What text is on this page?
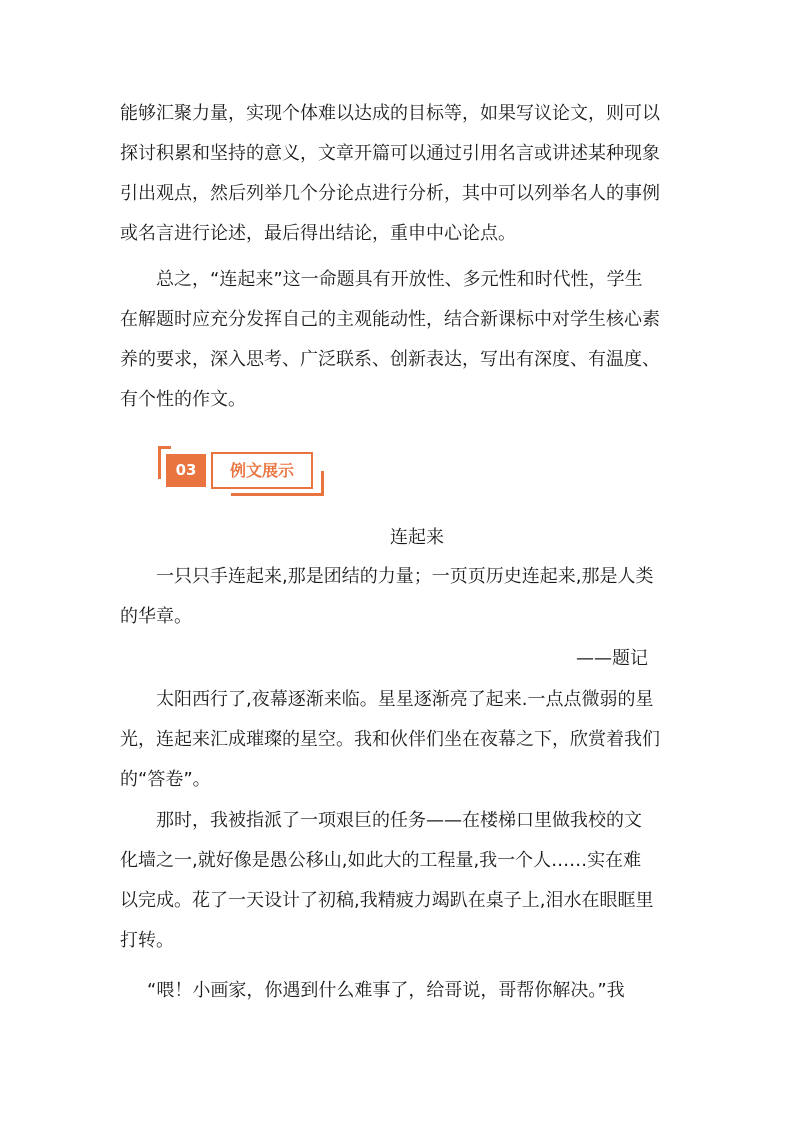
能够汇聚力量，实现个体难以达成的目标等，如果写议论文，则可以
探讨积累和坚持的意义，文章开篇可以通过引用名言或讲述某种现象
引出观点，然后列举几个分论点进行分析，其中可以列举名人的事例
或名言进行论述，最后得出结论，重申中心论点。

总之，“连起来”这一命题具有开放性、多元性和时代性，学生
在解题时应充分发挥自己的主观能动性，结合新课标中对学生核心素
养的要求，深入思考、广泛联系、创新表达，写出有深度、有温度、
有个性的作文。

03	例文展示
连起来

一只只手连起来,那是团结的力量；一页页历史连起来,那是人类
的华章。

——题记

太阳西行了,夜幕逐渐来临。星星逐渐亮了起来.一点点微弱的星
光，连起来汇成璀璨的星空。我和伙伴们坐在夜幕之下，欣赏着我们
的“答卷”。

那时，我被指派了一项艰巨的任务——在楼梯口里做我校的文
化墙之一,就好像是愚公移山,如此大的工程量,我一个人……实在难
以完成。花了一天设计了初稿,我精疲力竭趴在桌子上,泪水在眼眶里
打转。

“喂！小画家，你遇到什么难事了，给哥说，哥帮你解决。”我
